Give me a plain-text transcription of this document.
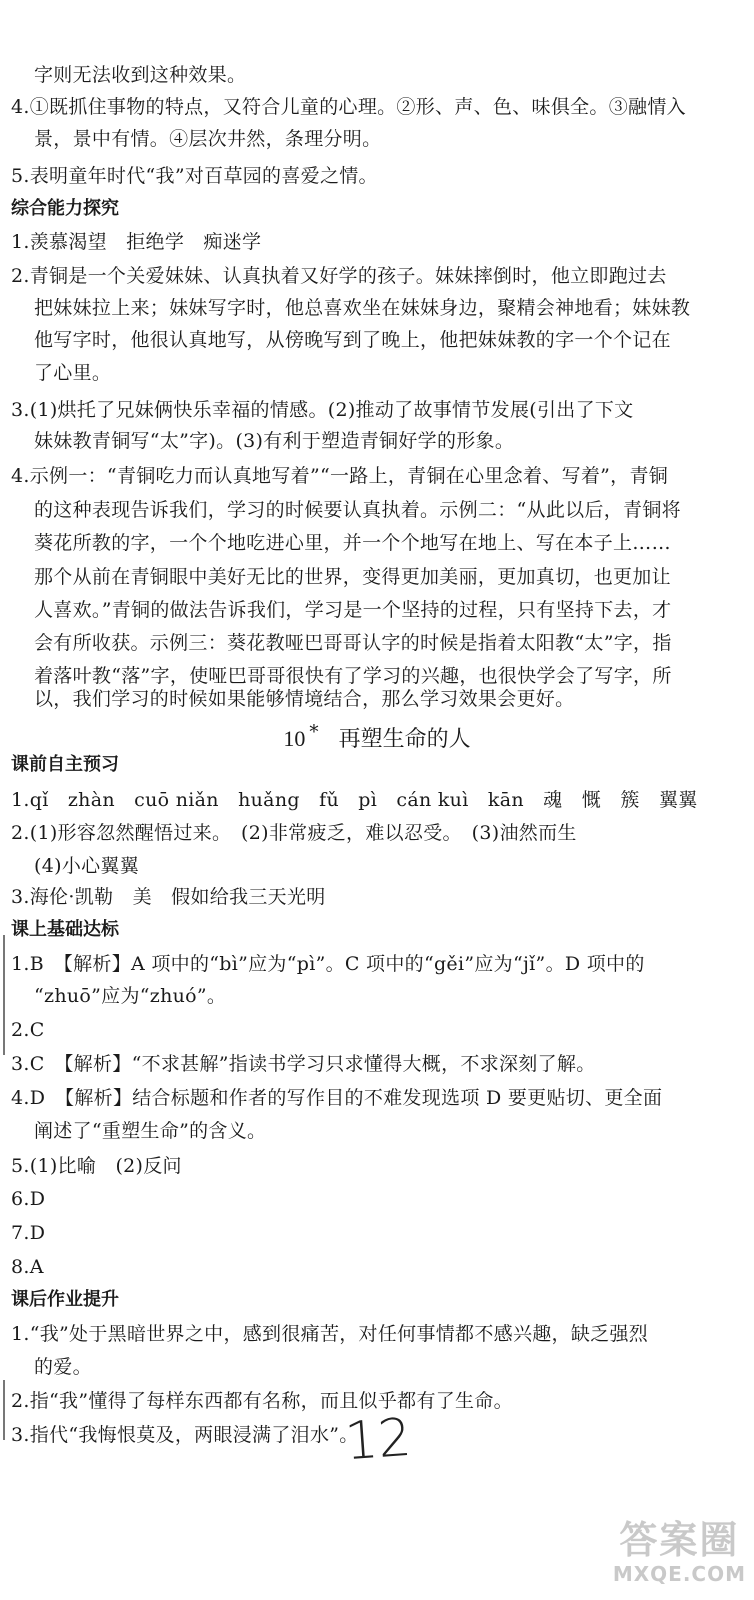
字则无法收到这种效果。
4.①既抓住事物的特点，又符合儿童的心理。②形、声、色、味俱全。③融情入
景，景中有情。④层次井然，条理分明。
5.表明童年时代“我”对百草园的喜爱之情。
综合能力探究
1.羡慕渴望　拒绝学　痴迷学
2.青铜是一个关爱妹妹、认真执着又好学的孩子。妹妹摔倒时，他立即跑过去
把妹妹拉上来；妹妹写字时，他总喜欢坐在妹妹身边，聚精会神地看；妹妹教
他写字时，他很认真地写，从傍晚写到了晚上，他把妹妹教的字一个个记在
了心里。
3.(1)烘托了兄妹俩快乐幸福的情感。(2)推动了故事情节发展(引出了下文
妹妹教青铜写“太”字)。(3)有利于塑造青铜好学的形象。
4.示例一：“青铜吃力而认真地写着”“一路上，青铜在心里念着、写着”，青铜
的这种表现告诉我们，学习的时候要认真执着。示例二：“从此以后，青铜将
葵花所教的字，一个个地吃进心里，并一个个地写在地上、写在本子上……
那个从前在青铜眼中美好无比的世界，变得更加美丽，更加真切，也更加让
人喜欢。”青铜的做法告诉我们，学习是一个坚持的过程，只有坚持下去，才
会有所收获。示例三：葵花教哑巴哥哥认字的时候是指着太阳教“太”字，指
着落叶教“落”字，使哑巴哥哥很快有了学习的兴趣，也很快学会了写字，所
以，我们学习的时候如果能够情境结合，那么学习效果会更好。
10 * 再塑生命的人
课前自主预习
1.qǐ　zhàn　cuō niǎn　huǎng　fǔ　pì　cán kuì　kān　魂　慨　簇　翼翼
2.(1)形容忽然醒悟过来。　(2)非常疲乏，难以忍受。　(3)油然而生
(4)小心翼翼
3.海伦·凯勒　美　假如给我三天光明
课上基础达标
1.B　【解析】A 项中的“bì”应为“pì”。C 项中的“gěi”应为“jǐ”。D 项中的
“zhuō”应为“zhuó”。
2.C
3.C　【解析】“不求甚解”指读书学习只求懂得大概，不求深刻了解。
4.D　【解析】结合标题和作者的写作目的不难发现选项 D 要更贴切、更全面
阐述了“重塑生命”的含义。
5.(1)比喻　(2)反问
6.D
7.D
8.A
课后作业提升
1.“我”处于黑暗世界之中，感到很痛苦，对任何事情都不感兴趣，缺乏强烈
的爱。
2.指“我”懂得了每样东西都有名称，而且似乎都有了生命。
3.指代“我悔恨莫及，两眼浸满了泪水”。
12
答案圈
MXQE.COM
